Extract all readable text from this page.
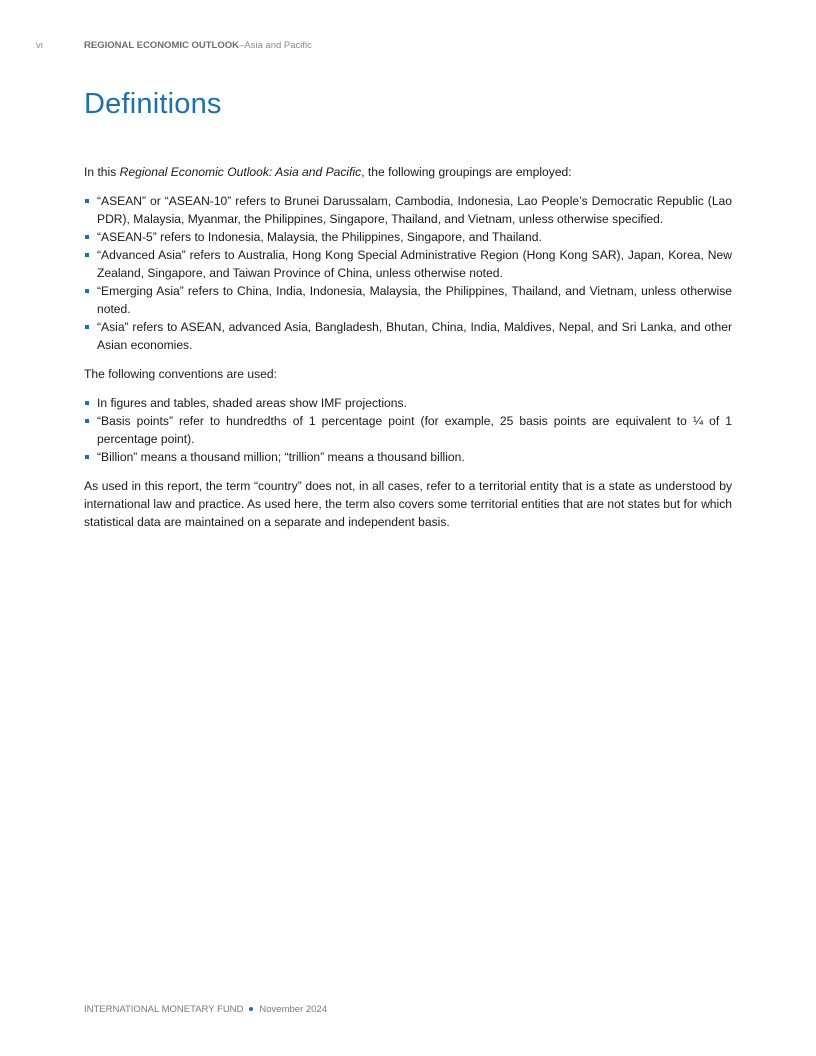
vi	REGIONAL ECONOMIC OUTLOOK–Asia and Pacific
Definitions

In this Regional Economic Outlook: Asia and Pacific, the following groupings are employed:

“ASEAN” or “ASEAN-10” refers to Brunei Darussalam, Cambodia, Indonesia, Lao People’s Democratic Republic (Lao PDR), Malaysia, Myanmar, the Philippines, Singapore, Thailand, and Vietnam, unless otherwise specified.
“ASEAN-5” refers to Indonesia, Malaysia, the Philippines, Singapore, and Thailand.
“Advanced Asia” refers to Australia, Hong Kong Special Administrative Region (Hong Kong SAR), Japan, Korea, New Zealand, Singapore, and Taiwan Province of China, unless otherwise noted.
“Emerging Asia” refers to China, India, Indonesia, Malaysia, the Philippines, Thailand, and Vietnam, unless otherwise noted.
“Asia” refers to ASEAN, advanced Asia, Bangladesh, Bhutan, China, India, Maldives, Nepal, and Sri Lanka, and other Asian economies.

The following conventions are used:

In figures and tables, shaded areas show IMF projections.
“Basis points” refer to hundredths of 1 percentage point (for example, 25 basis points are equivalent to ¼ of 1 percentage point).
“Billion” means a thousand million; “trillion” means a thousand billion.

As used in this report, the term “country” does not, in all cases, refer to a territorial entity that is a state as understood by international law and practice. As used here, the term also covers some territorial entities that are not states but for which statistical data are maintained on a separate and independent basis.

INTERNATIONAL MONETARY FUND November 2024
